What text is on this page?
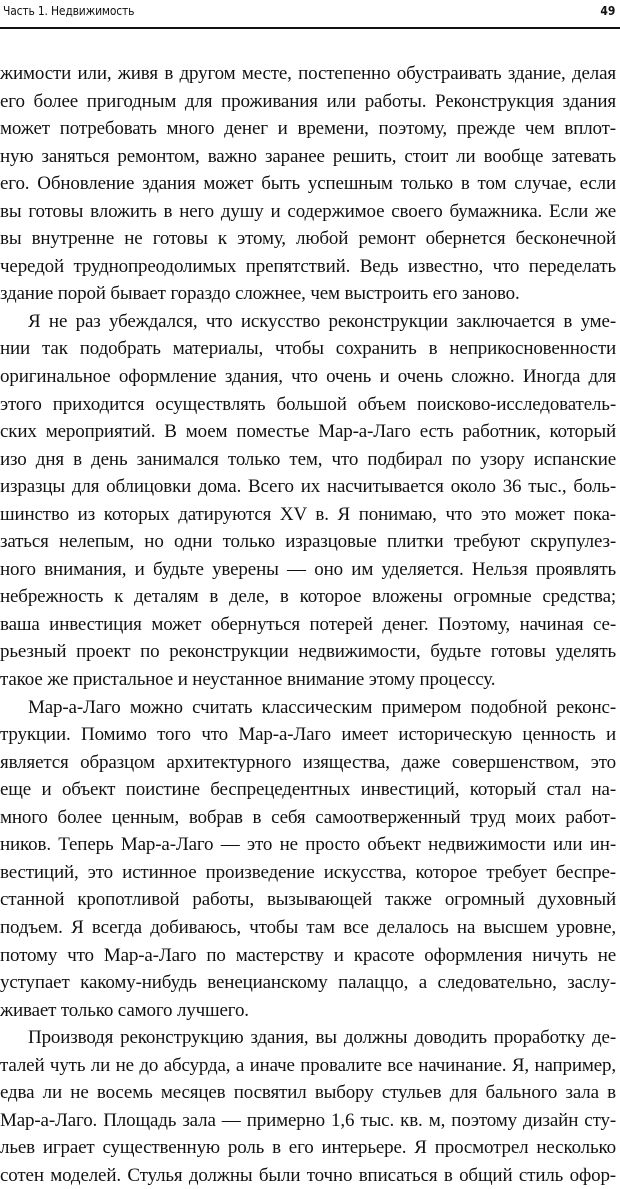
Часть 1. Недвижимость	49
жимости или, живя в другом месте, постепенно обустраивать здание, делая
его более пригодным для проживания или работы. Реконструкция здания
может потребовать много денег и времени, поэтому, прежде чем вплот-
ную заняться ремонтом, важно заранее решить, стоит ли вообще затевать
его. Обновление здания может быть успешным только в том случае, если
вы готовы вложить в него душу и содержимое своего бумажника. Если же
вы внутренне не готовы к этому, любой ремонт обернется бесконечной
чередой труднопреодолимых препятствий. Ведь известно, что переделать
здание порой бывает гораздо сложнее, чем выстроить его заново.
Я не раз убеждался, что искусство реконструкции заключается в уме-
нии так подобрать материалы, чтобы сохранить в неприкосновенности
оригинальное оформление здания, что очень и очень сложно. Иногда для
этого приходится осуществлять большой объем поисково-исследователь-
ских мероприятий. В моем поместье Мар-а-Лаго есть работник, который
изо дня в день занимался только тем, что подбирал по узору испанские
изразцы для облицовки дома. Всего их насчитывается около 36 тыс., боль-
шинство из которых датируются XV в. Я понимаю, что это может пока-
заться нелепым, но одни только изразцовые плитки требуют скрупулез-
ного внимания, и будьте уверены — оно им уделяется. Нельзя проявлять
небрежность к деталям в деле, в которое вложены огромные средства;
ваша инвестиция может обернуться потерей денег. Поэтому, начиная се-
рьезный проект по реконструкции недвижимости, будьте готовы уделять
такое же пристальное и неустанное внимание этому процессу.
Мар-а-Лаго можно считать классическим примером подобной реконс-
трукции. Помимо того что Мар-а-Лаго имеет историческую ценность и
является образцом архитектурного изящества, даже совершенством, это
еще и объект поистине беспрецедентных инвестиций, который стал на-
много более ценным, вобрав в себя самоотверженный труд моих работ-
ников. Теперь Мар-а-Лаго — это не просто объект недвижимости или ин-
вестиций, это истинное произведение искусства, которое требует беспре-
станной кропотливой работы, вызывающей также огромный духовный
подъем. Я всегда добиваюсь, чтобы там все делалось на высшем уровне,
потому что Мар-а-Лаго по мастерству и красоте оформления ничуть не
уступает какому-нибудь венецианскому палаццо, а следовательно, заслу-
живает только самого лучшего.
Производя реконструкцию здания, вы должны доводить проработку де-
талей чуть ли не до абсурда, а иначе провалите все начинание. Я, например,
едва ли не восемь месяцев посвятил выбору стульев для бального зала в
Мар-а-Лаго. Площадь зала — примерно 1,6 тыс. кв. м, поэтому дизайн сту-
льев играет существенную роль в его интерьере. Я просмотрел несколько
сотен моделей. Стулья должны были точно вписаться в общий стиль офор-
